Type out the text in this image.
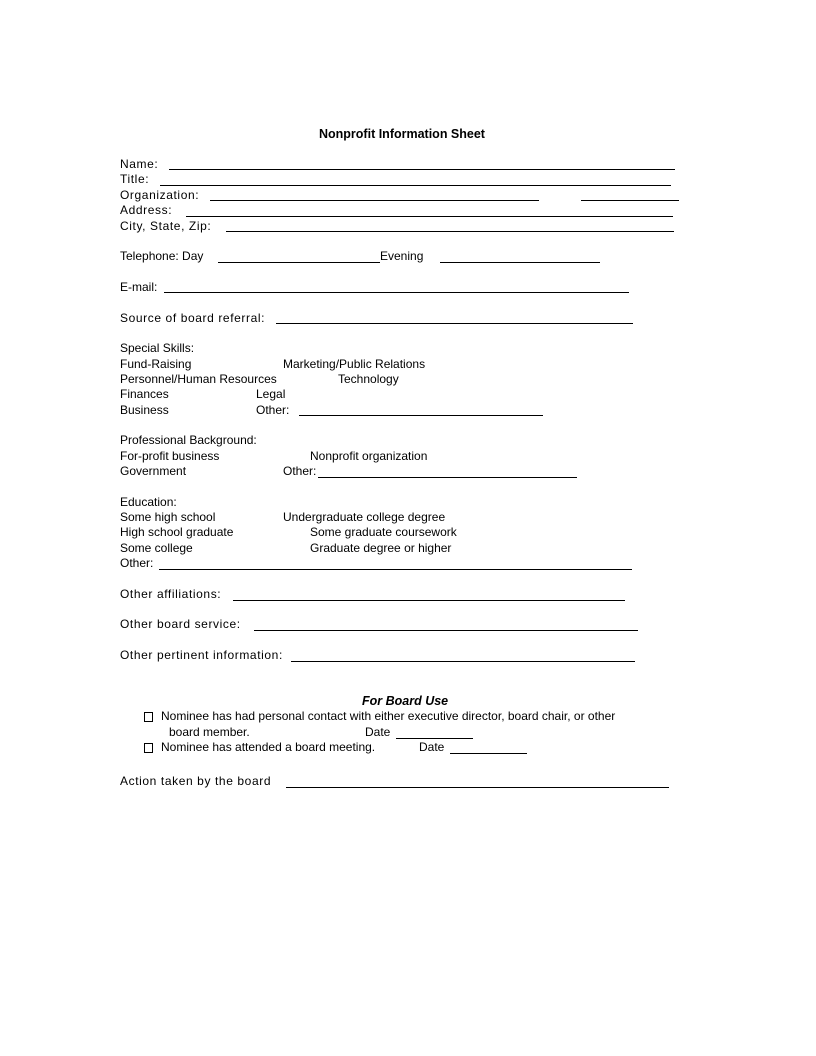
Nonprofit Information Sheet
Name:
Title:
Organization:
Address:
City, State, Zip:
Telephone: Day	Evening
E-mail:
Source of board referral:
Special Skills:
Fund-Raising	Marketing/Public Relations
Personnel/Human Resources	Technology
Finances	Legal
Business	Other:
Professional Background:
For-profit business	Nonprofit organization
Government	Other:
Education:
Some high school	Undergraduate college degree
High school graduate	Some graduate coursework
Some college	Graduate degree or higher
Other:
Other affiliations:
Other board service:
Other pertinent information:
For Board Use
Nominee has had personal contact with either executive director, board chair, or other
board member.	Date
Nominee has attended a board meeting.	Date
Action taken by the board
